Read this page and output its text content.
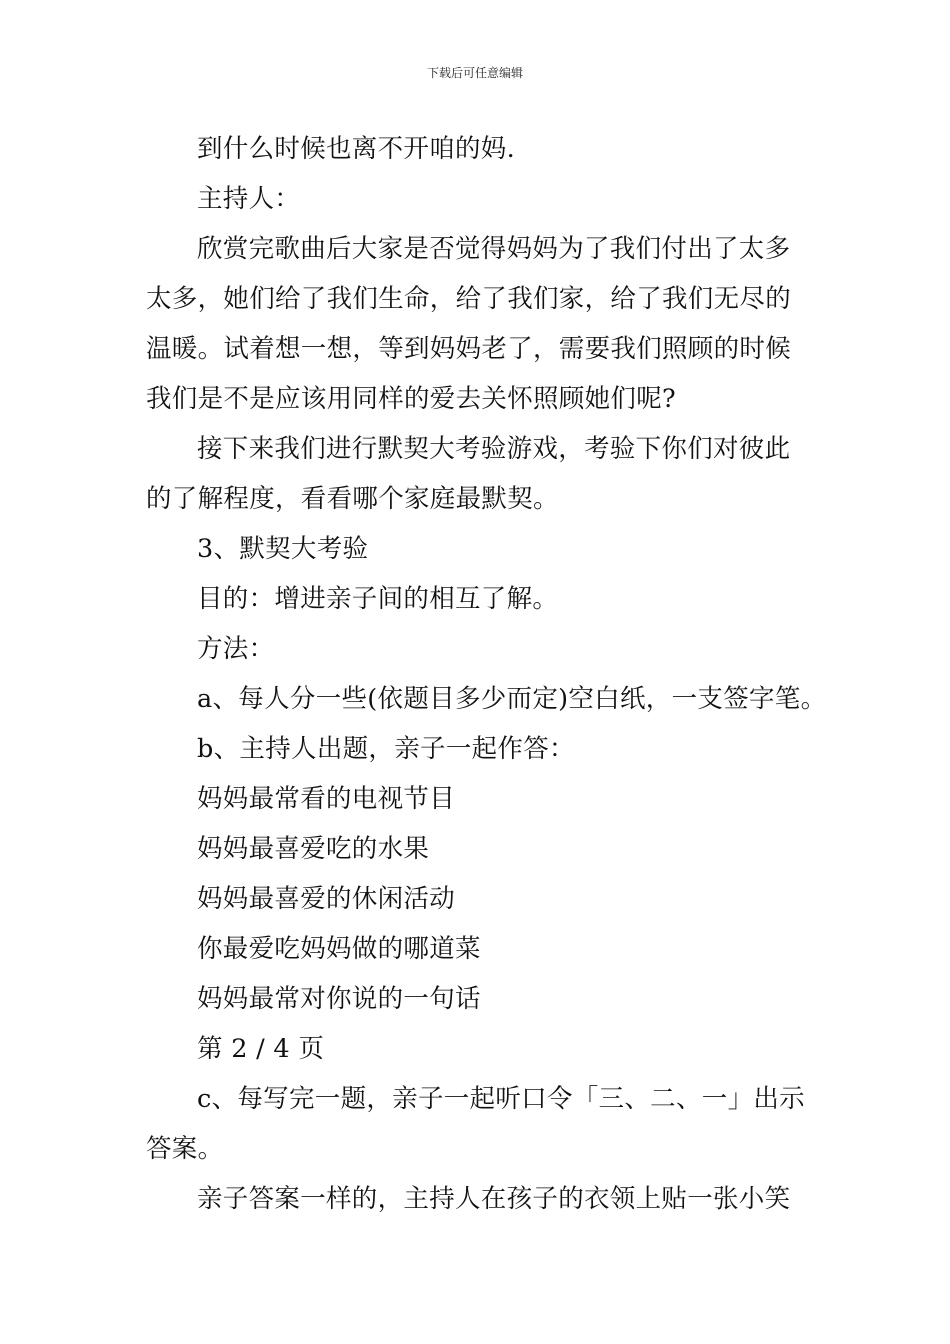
下载后可任意编辑
到什么时候也离不开咱的妈.
主持人：
欣赏完歌曲后大家是否觉得妈妈为了我们付出了太多
太多，她们给了我们生命，给了我们家，给了我们无尽的
温暖。试着想一想，等到妈妈老了，需要我们照顾的时候
我们是不是应该用同样的爱去关怀照顾她们呢?
接下来我们进行默契大考验游戏，考验下你们对彼此
的了解程度，看看哪个家庭最默契。
3、默契大考验
目的：增进亲子间的相互了解。
方法：
a、每人分一些(依题目多少而定)空白纸，一支签字笔。
b、主持人出题，亲子一起作答：
妈妈最常看的电视节目
妈妈最喜爱吃的水果
妈妈最喜爱的休闲活动
你最爱吃妈妈做的哪道菜
妈妈最常对你说的一句话
第 2 / 4 页
c、每写完一题，亲子一起听口令「三、二、一」出示
答案。
亲子答案一样的，主持人在孩子的衣领上贴一张小笑
